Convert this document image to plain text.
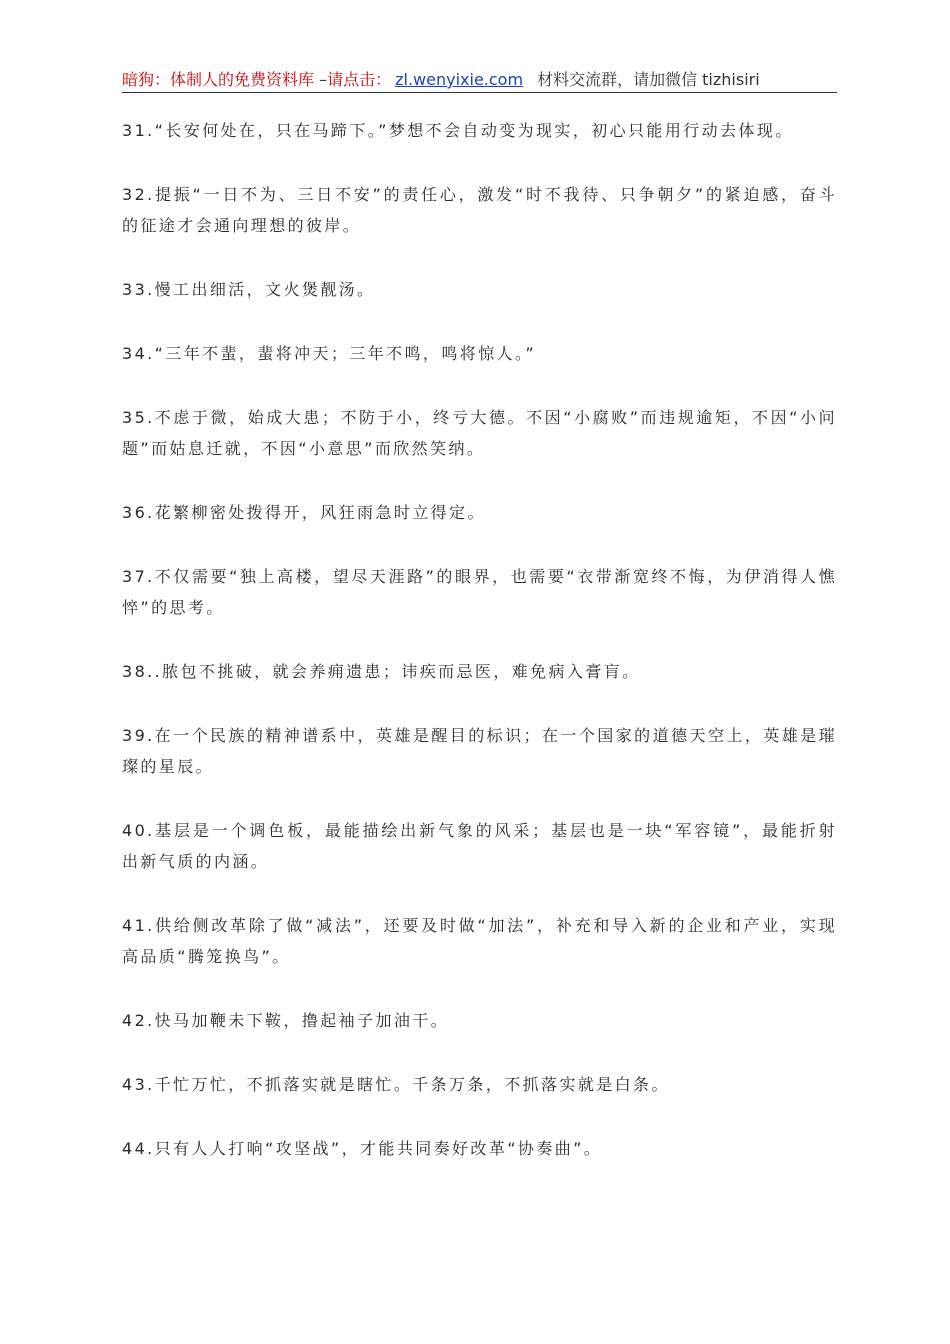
暗狗：体制人的免费资料库 –请点击： zl.wenyixie.com 材料交流群，请加微信 tizhisiri

31.“长安何处在，只在马蹄下。”梦想不会自动变为现实，初心只能用行动去体现。

32.提振“一日不为、三日不安”的责任心，激发“时不我待、只争朝夕”的紧迫感，奋斗的征途才会通向理想的彼岸。

33.慢工出细活，文火煲靓汤。

34.“三年不蜚，蜚将冲天；三年不鸣，鸣将惊人。”

35.不虑于微，始成大患；不防于小，终亏大德。不因“小腐败”而违规逾矩，不因“小问题”而姑息迁就，不因“小意思”而欣然笑纳。

36.花繁柳密处拨得开，风狂雨急时立得定。

37.不仅需要“独上高楼，望尽天涯路”的眼界，也需要“衣带渐宽终不悔，为伊消得人憔悴”的思考。

38..脓包不挑破，就会养痈遗患；讳疾而忌医，难免病入膏肓。

39.在一个民族的精神谱系中，英雄是醒目的标识；在一个国家的道德天空上，英雄是璀璨的星辰。

40.基层是一个调色板，最能描绘出新气象的风采；基层也是一块“军容镜”，最能折射出新气质的内涵。

41.供给侧改革除了做“减法”，还要及时做“加法”，补充和导入新的企业和产业，实现高品质“腾笼换鸟”。

42.快马加鞭未下鞍，撸起袖子加油干。

43.千忙万忙，不抓落实就是瞎忙。千条万条，不抓落实就是白条。

44.只有人人打响“攻坚战”，才能共同奏好改革“协奏曲”。
